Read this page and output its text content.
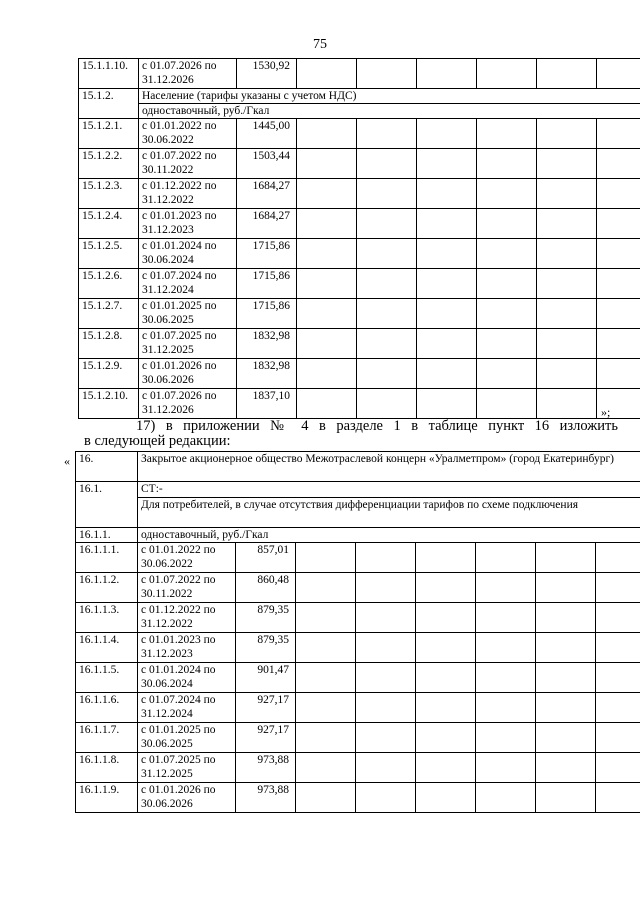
75
15.1.1.10.	с 01.07.2026 по 31.12.2026	1530,92						
15.1.2.	Население (тарифы указаны с учетом НДС)							
	одноставочный, руб./Гкал							
15.1.2.1.	с 01.01.2022 по 30.06.2022	1445,00						
15.1.2.2.	с 01.07.2022 по 30.11.2022	1503,44						
15.1.2.3.	с 01.12.2022 по 31.12.2022	1684,27						
15.1.2.4.	с 01.01.2023 по 31.12.2023	1684,27						
15.1.2.5.	с 01.01.2024 по 30.06.2024	1715,86						
15.1.2.6.	с 01.07.2024 по 31.12.2024	1715,86						
15.1.2.7.	с 01.01.2025 по 30.06.2025	1715,86						
15.1.2.8.	с 01.07.2025 по 31.12.2025	1832,98						
15.1.2.9.	с 01.01.2026 по 30.06.2026	1832,98						
15.1.2.10.	с 01.07.2026 по 31.12.2026	1837,10						
»;
17) в приложении № 4 в разделе 1 в таблице пункт 16 изложить
в следующей редакции:
« 16.	Закрытое акционерное общество Межотраслевой концерн «Уралметпром» (город Екатеринбург)							
16.1.	СТ:-							
	Для потребителей, в случае отсутствия дифференциации тарифов по схеме подключения							
16.1.1.	одноставочный, руб./Гкал							
16.1.1.1.	с 01.01.2022 по 30.06.2022	857,01						
16.1.1.2.	с 01.07.2022 по 30.11.2022	860,48						
16.1.1.3.	с 01.12.2022 по 31.12.2022	879,35						
16.1.1.4.	с 01.01.2023 по 31.12.2023	879,35						
16.1.1.5.	с 01.01.2024 по 30.06.2024	901,47						
16.1.1.6.	с 01.07.2024 по 31.12.2024	927,17						
16.1.1.7.	с 01.01.2025 по 30.06.2025	927,17						
16.1.1.8.	с 01.07.2025 по 31.12.2025	973,88						
16.1.1.9.	с 01.01.2026 по 30.06.2026	973,88						
